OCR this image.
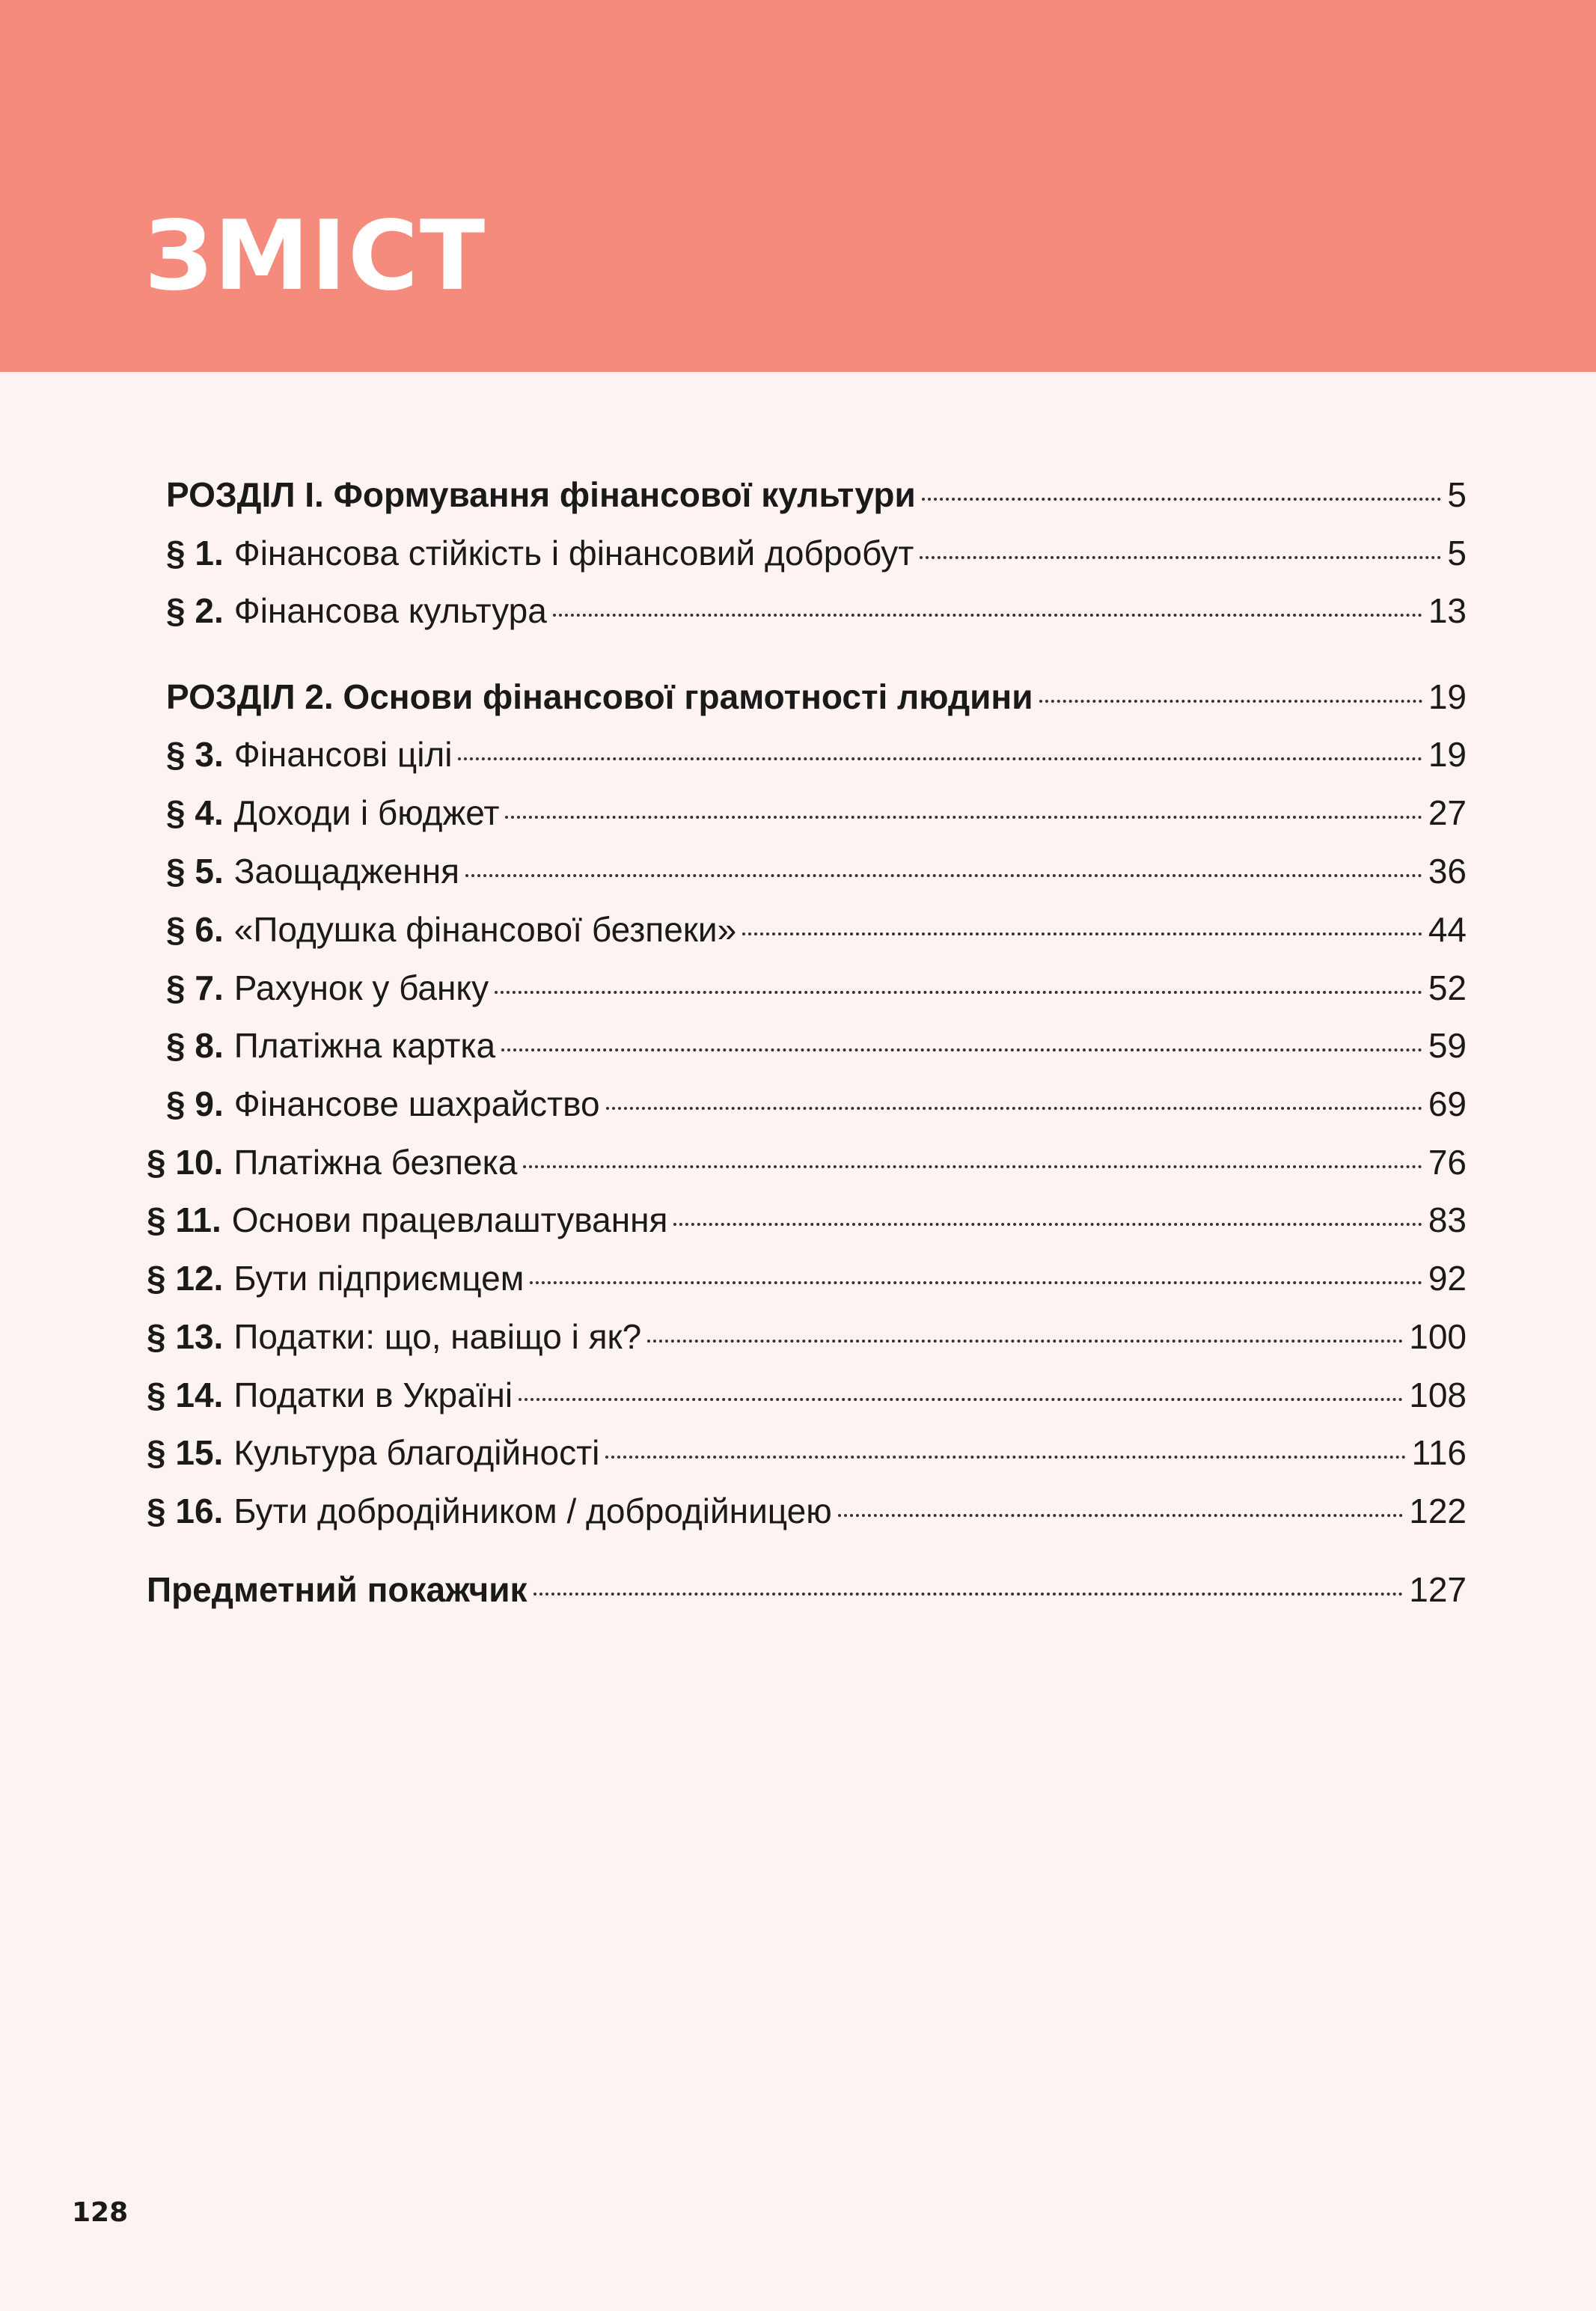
ЗМІСТ
РОЗДІЛ І. Формування фінансової культури	5
§ 1. Фінансова стійкість і фінансовий добробут	5
§ 2. Фінансова культура	13
РОЗДІЛ 2. Основи фінансової грамотності людини	19
§ 3. Фінансові цілі	19
§ 4. Доходи і бюджет	27
§ 5. Заощадження	36
§ 6. «Подушка фінансової безпеки»	44
§ 7. Рахунок у банку	52
§ 8. Платіжна картка	59
§ 9. Фінансове шахрайство	69
§ 10. Платіжна безпека	76
§ 11. Основи працевлаштування	83
§ 12. Бути підприємцем	92
§ 13. Податки: що, навіщо і як?	100
§ 14. Податки в Україні	108
§ 15. Культура благодійності	116
§ 16. Бути добродійником / добродійницею	122
Предметний покажчик	127
128
